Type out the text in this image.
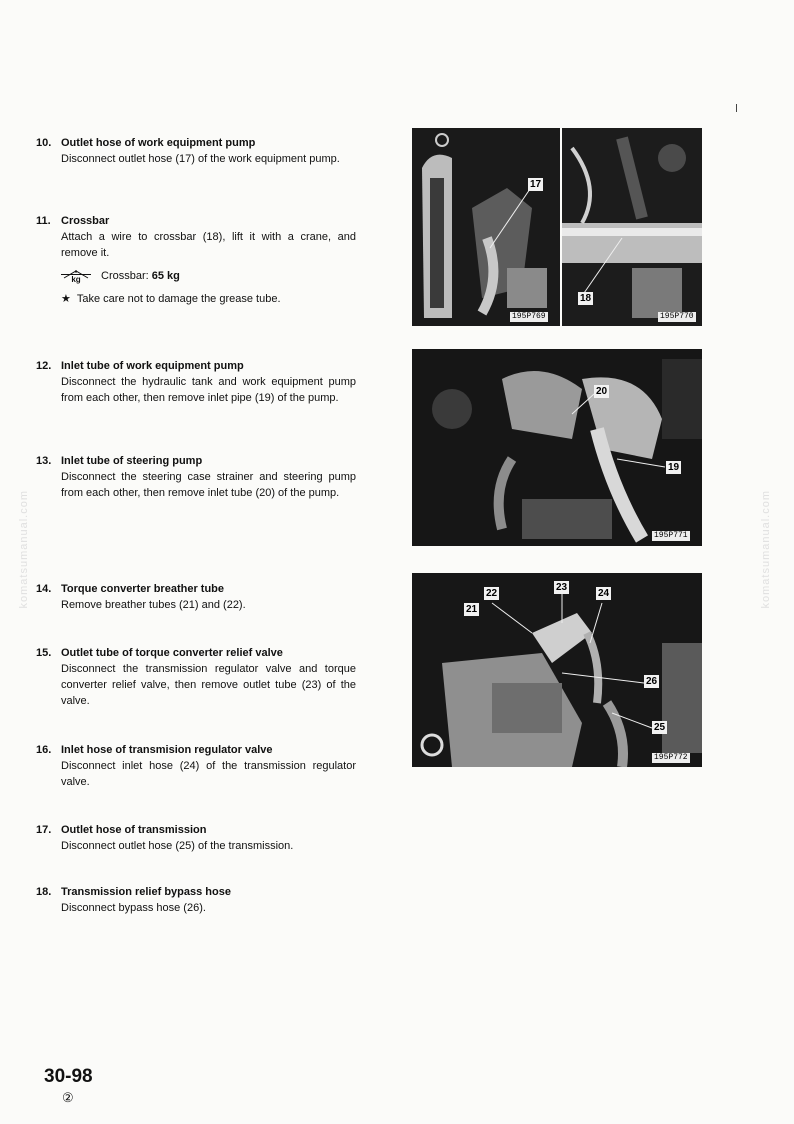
10. Outlet hose of work equipment pump
Disconnect outlet hose (17) of the work equipment pump.
11. Crossbar
Attach a wire to crossbar (18), lift it with a crane, and remove it.
kg	Crossbar:
65 kg
★ Take care not to damage the grease tube.
12. Inlet tube of work equipment pump
Disconnect the hydraulic tank and work equipment pump from each other, then remove inlet pipe (19) of the pump.
13. Inlet tube of steering pump
Disconnect the steering case strainer and steering pump from each other, then remove inlet tube (20) of the pump.
14. Torque converter breather tube
Remove breather tubes (21) and (22).
15. Outlet tube of torque converter relief valve
Disconnect the transmission regulator valve and torque converter relief valve, then remove outlet tube (23) of the valve.
16. Inlet hose of transmision regulator valve
Disconnect inlet hose (24) of the transmission regulator valve.
17. Outlet hose of transmission
Disconnect outlet hose (25) of the transmission.
18. Transmission relief bypass hose
Disconnect bypass hose (26).
17
195P769
18
195P770
20
19
195P771
22
23
24
21
26
25
195P772
komatsumanual.com	komatsumanual.com
30-98
②
